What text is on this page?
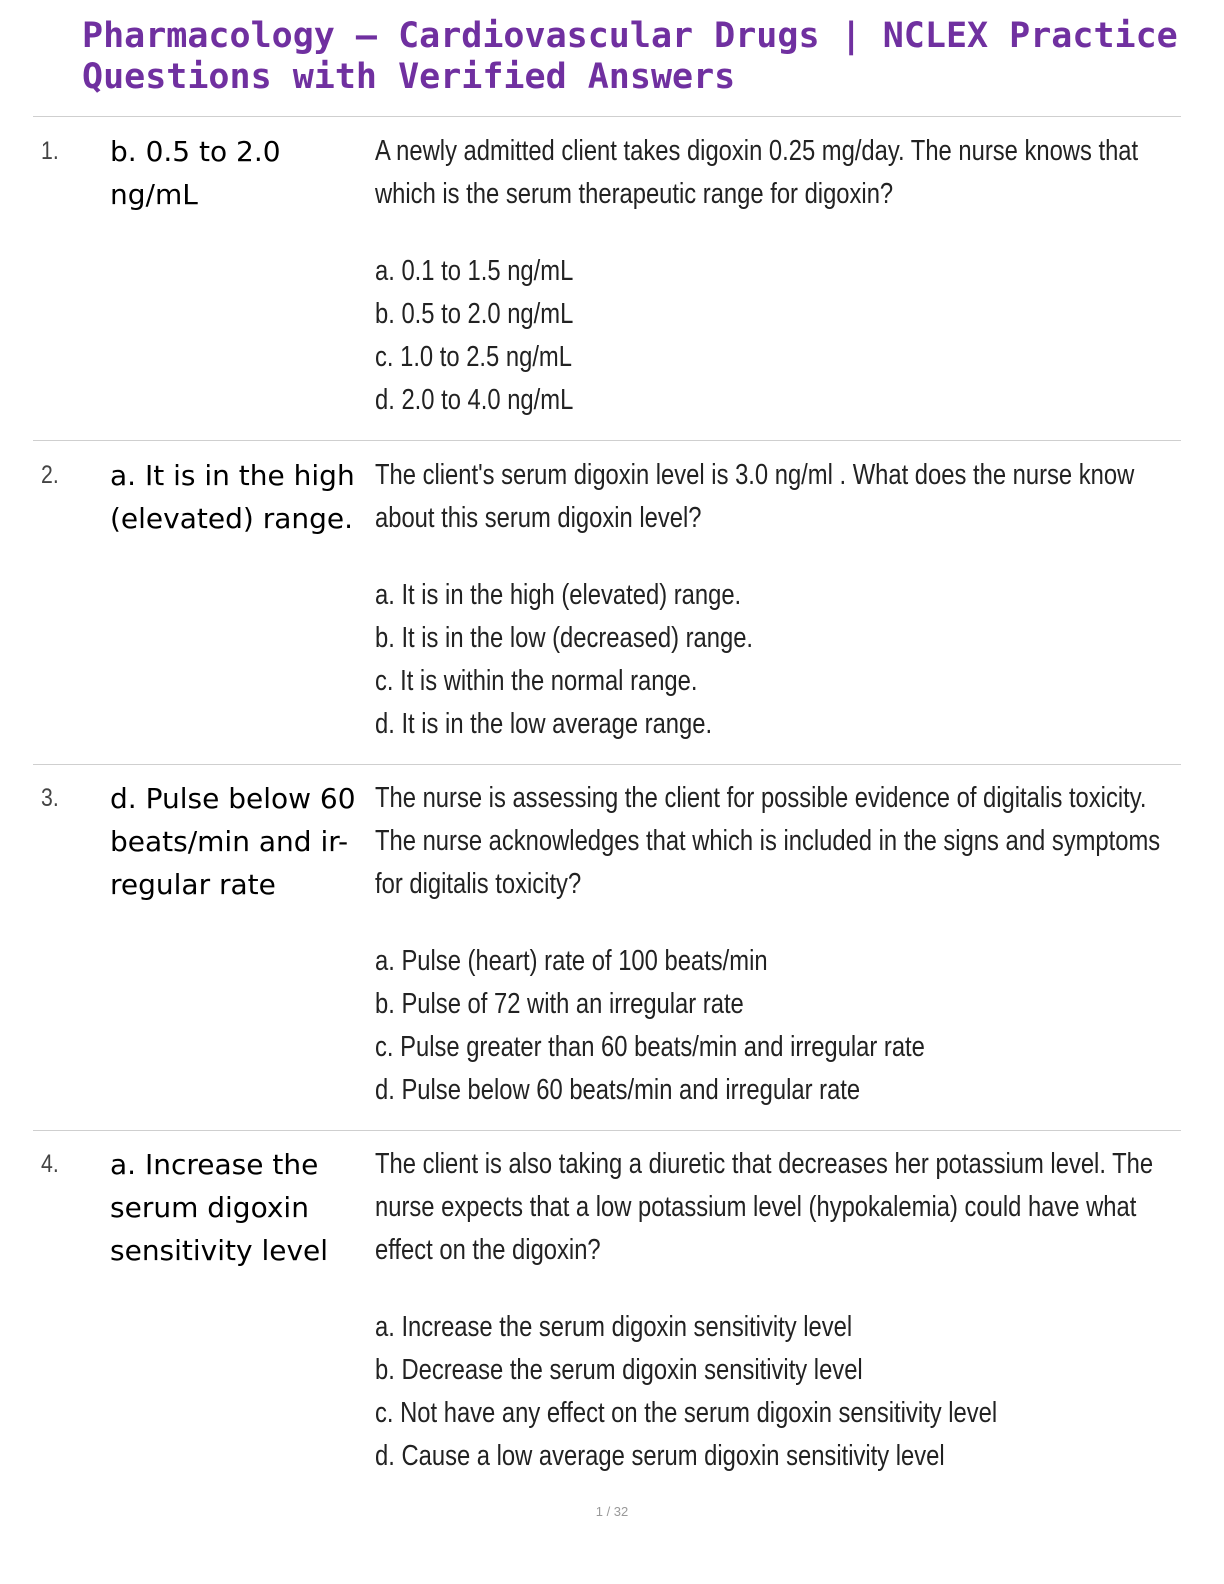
Pharmacology – Cardiovascular Drugs | NCLEX Practice Questions with Verified Answers
1. b. 0.5 to 2.0 ng/mL

A newly admitted client takes digoxin 0.25 mg/day. The nurse knows that which is the serum therapeutic range for digoxin?

a. 0.1 to 1.5 ng/mL
b. 0.5 to 2.0 ng/mL
c. 1.0 to 2.5 ng/mL
d. 2.0 to 4.0 ng/mL
2. a. It is in the high (elevated) range.

The client's serum digoxin level is 3.0 ng/ml . What does the nurse know about this serum digoxin level?

a. It is in the high (elevated) range.
b. It is in the low (decreased) range.
c. It is within the normal range.
d. It is in the low average range.
3. d. Pulse below 60 beats/min and ir-regular rate

The nurse is assessing the client for possible evidence of digitalis toxicity. The nurse acknowledges that which is included in the signs and symptoms for digitalis toxicity?

a. Pulse (heart) rate of 100 beats/min
b. Pulse of 72 with an irregular rate
c. Pulse greater than 60 beats/min and irregular rate
d. Pulse below 60 beats/min and irregular rate
4. a. Increase the serum digoxin sensitivity level

The client is also taking a diuretic that decreases her potassium level. The nurse expects that a low potassium level (hypokalemia) could have what effect on the digoxin?

a. Increase the serum digoxin sensitivity level
b. Decrease the serum digoxin sensitivity level
c. Not have any effect on the serum digoxin sensitivity level
d. Cause a low average serum digoxin sensitivity level
1 / 32
